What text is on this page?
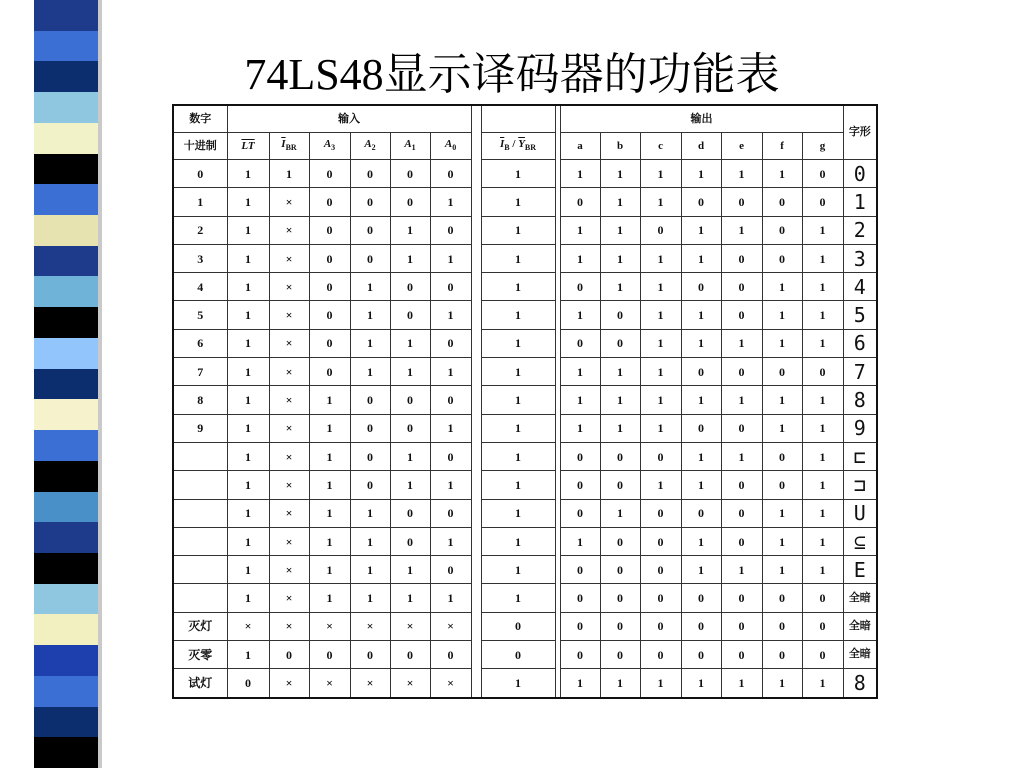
74LS48显示译码器的功能表
数字	输入									输出							字形
十进制	$\overline{LT}$	$\overline{I}_{BR}$	$A_3$	$A_2$	$A_1$	$A_0$		$\overline{I}_B / \overline{Y}_{BR}$		a	b	c	d	e	f	g	
0	1	1	0	0	0	0		1		1	1	1	1	1	1	0	0
1	1	×	0	0	0	1		1		0	1	1	0	0	0	0	1
2	1	×	0	0	1	0		1		1	1	0	1	1	0	1	2
3	1	×	0	0	1	1		1		1	1	1	1	0	0	1	3
4	1	×	0	1	0	0		1		0	1	1	0	0	1	1	4
5	1	×	0	1	0	1		1		1	0	1	1	0	1	1	5
6	1	×	0	1	1	0		1		0	0	1	1	1	1	1	6
7	1	×	0	1	1	1		1		1	1	1	0	0	0	0	7
8	1	×	1	0	0	0		1		1	1	1	1	1	1	1	8
9	1	×	1	0	0	1		1		1	1	1	0	0	1	1	9
	1	×	1	0	1	0		1		0	0	0	1	1	0	1	⊏
	1	×	1	0	1	1		1		0	0	1	1	0	0	1	⊐
	1	×	1	1	0	0		1		0	1	0	0	0	1	1	U
	1	×	1	1	0	1		1		1	0	0	1	0	1	1	⊆
	1	×	1	1	1	0		1		0	0	0	1	1	1	1	E
	1	×	1	1	1	1		1		0	0	0	0	0	0	0	全暗
灭灯	×	×	×	×	×	×		0		0	0	0	0	0	0	0	全暗
灭零	1	0	0	0	0	0		0		0	0	0	0	0	0	0	全暗
试灯	0	×	×	×	×	×		1		1	1	1	1	1	1	1	8
